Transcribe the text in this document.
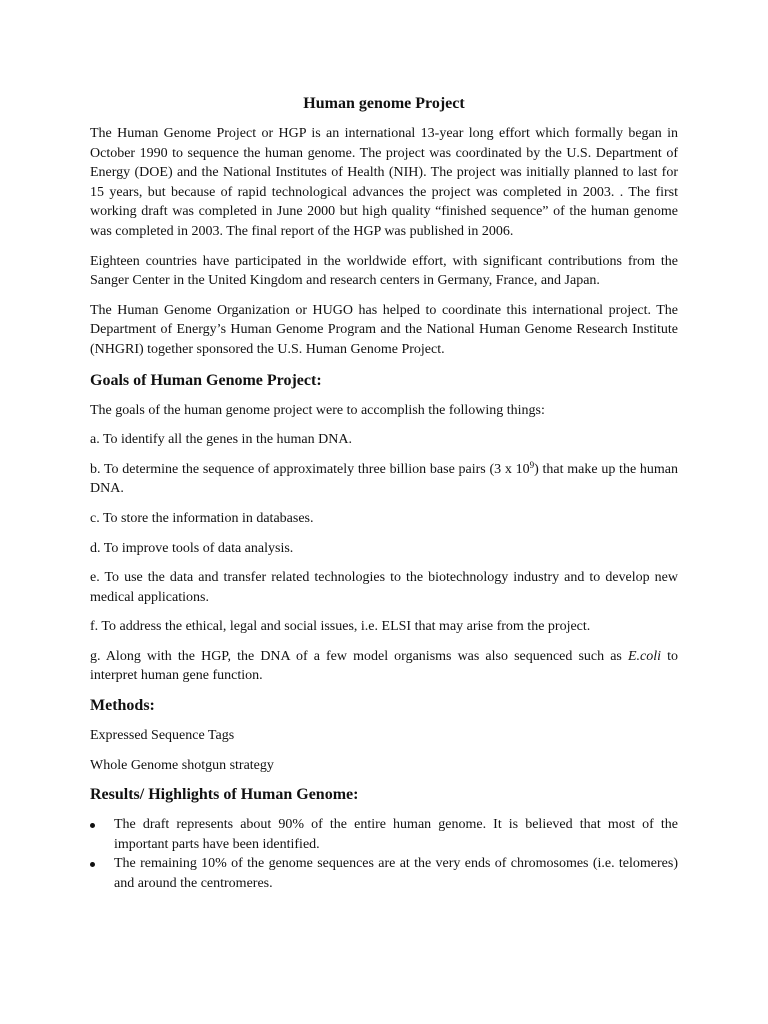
Human genome Project

The Human Genome Project or HGP is an international 13-year long effort which formally began in October 1990 to sequence the human genome. The project was coordinated by the U.S. Department of Energy (DOE) and the National Institutes of Health (NIH). The project was initially planned to last for 15 years, but because of rapid technological advances the project was completed in 2003. . The first working draft was completed in June 2000 but high quality “finished sequence” of the human genome was completed in 2003. The final report of the HGP was published in 2006.

Eighteen countries have participated in the worldwide effort, with significant contributions from the Sanger Center in the United Kingdom and research centers in Germany, France, and Japan.

The Human Genome Organization or HUGO has helped to coordinate this international project. The Department of Energy’s Human Genome Program and the National Human Genome Research Institute (NHGRI) together sponsored the U.S. Human Genome Project.

Goals of Human Genome Project:

The goals of the human genome project were to accomplish the following things:

a. To identify all the genes in the human DNA.

b. To determine the sequence of approximately three billion base pairs (3 x $10^9$) that make up the human DNA.

c. To store the information in databases.

d. To improve tools of data analysis.

e. To use the data and transfer related technologies to the biotechnology industry and to develop new medical applications.

f. To address the ethical, legal and social issues, i.e. ELSI that may arise from the project.

g. Along with the HGP, the DNA of a few model organisms was also sequenced such as E.coli to interpret human gene function.

Methods:

Expressed Sequence Tags

Whole Genome shotgun strategy

Results/ Highlights of Human Genome:
The draft represents about 90% of the entire human genome. It is believed that most of the important parts have been identified.
The remaining 10% of the genome sequences are at the very ends of chromosomes (i.e. telomeres) and around the centromeres.
